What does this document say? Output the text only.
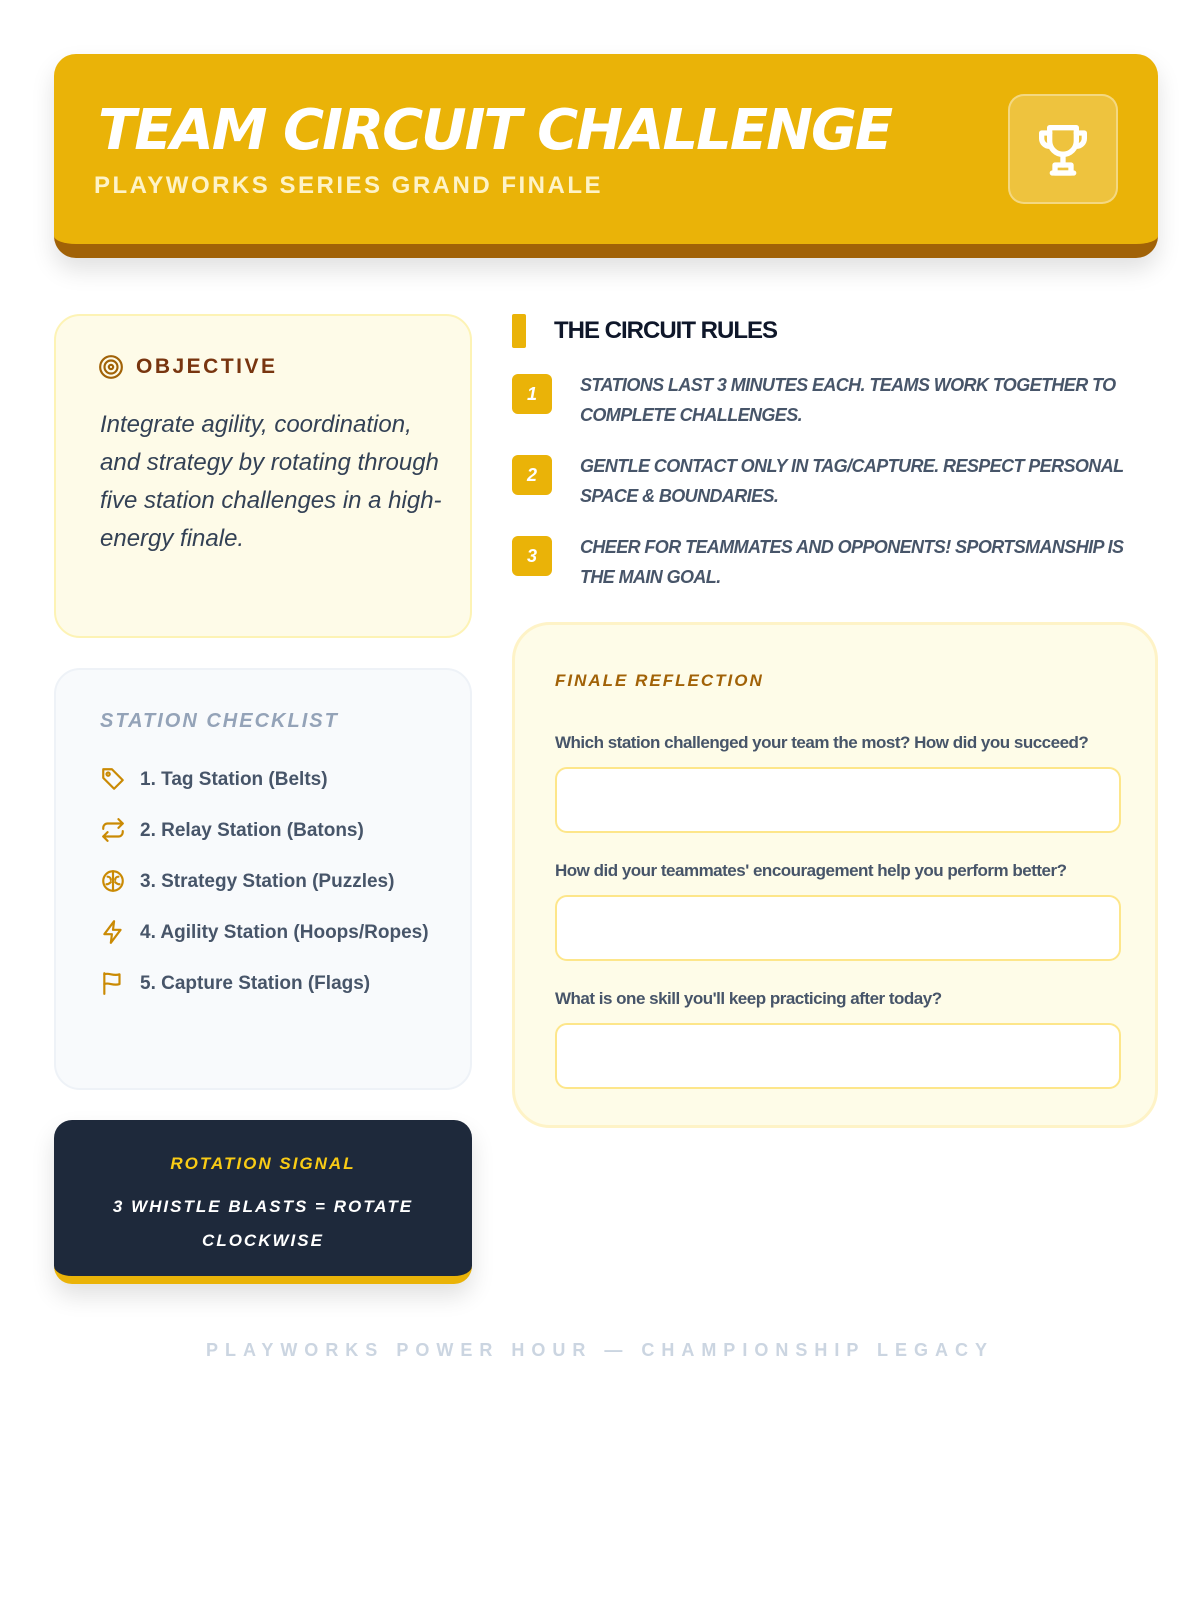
TEAM CIRCUIT CHALLENGE
PLAYWORKS SERIES GRAND FINALE
OBJECTIVE

Integrate agility, coordination, and strategy by rotating through five station challenges in a high-energy finale.

STATION CHECKLIST
1. Tag Station (Belts)
2. Relay Station (Batons)
3. Strategy Station (Puzzles)
4. Agility Station (Hoops/Ropes)
5. Capture Station (Flags)
ROTATION SIGNAL
3 WHISTLE BLASTS = ROTATE CLOCKWISE
THE CIRCUIT RULES
1	STATIONS LAST 3 MINUTES EACH. TEAMS WORK TOGETHER TO COMPLETE CHALLENGES.
2	GENTLE CONTACT ONLY IN TAG/CAPTURE. RESPECT PERSONAL SPACE & BOUNDARIES.
3	CHEER FOR TEAMMATES AND OPPONENTS! SPORTSMANSHIP IS THE MAIN GOAL.
FINALE REFLECTION
Which station challenged your team the most? How did you succeed?
How did your teammates' encouragement help you perform better?
What is one skill you'll keep practicing after today?
PLAYWORKS POWER HOUR — CHAMPIONSHIP LEGACY
